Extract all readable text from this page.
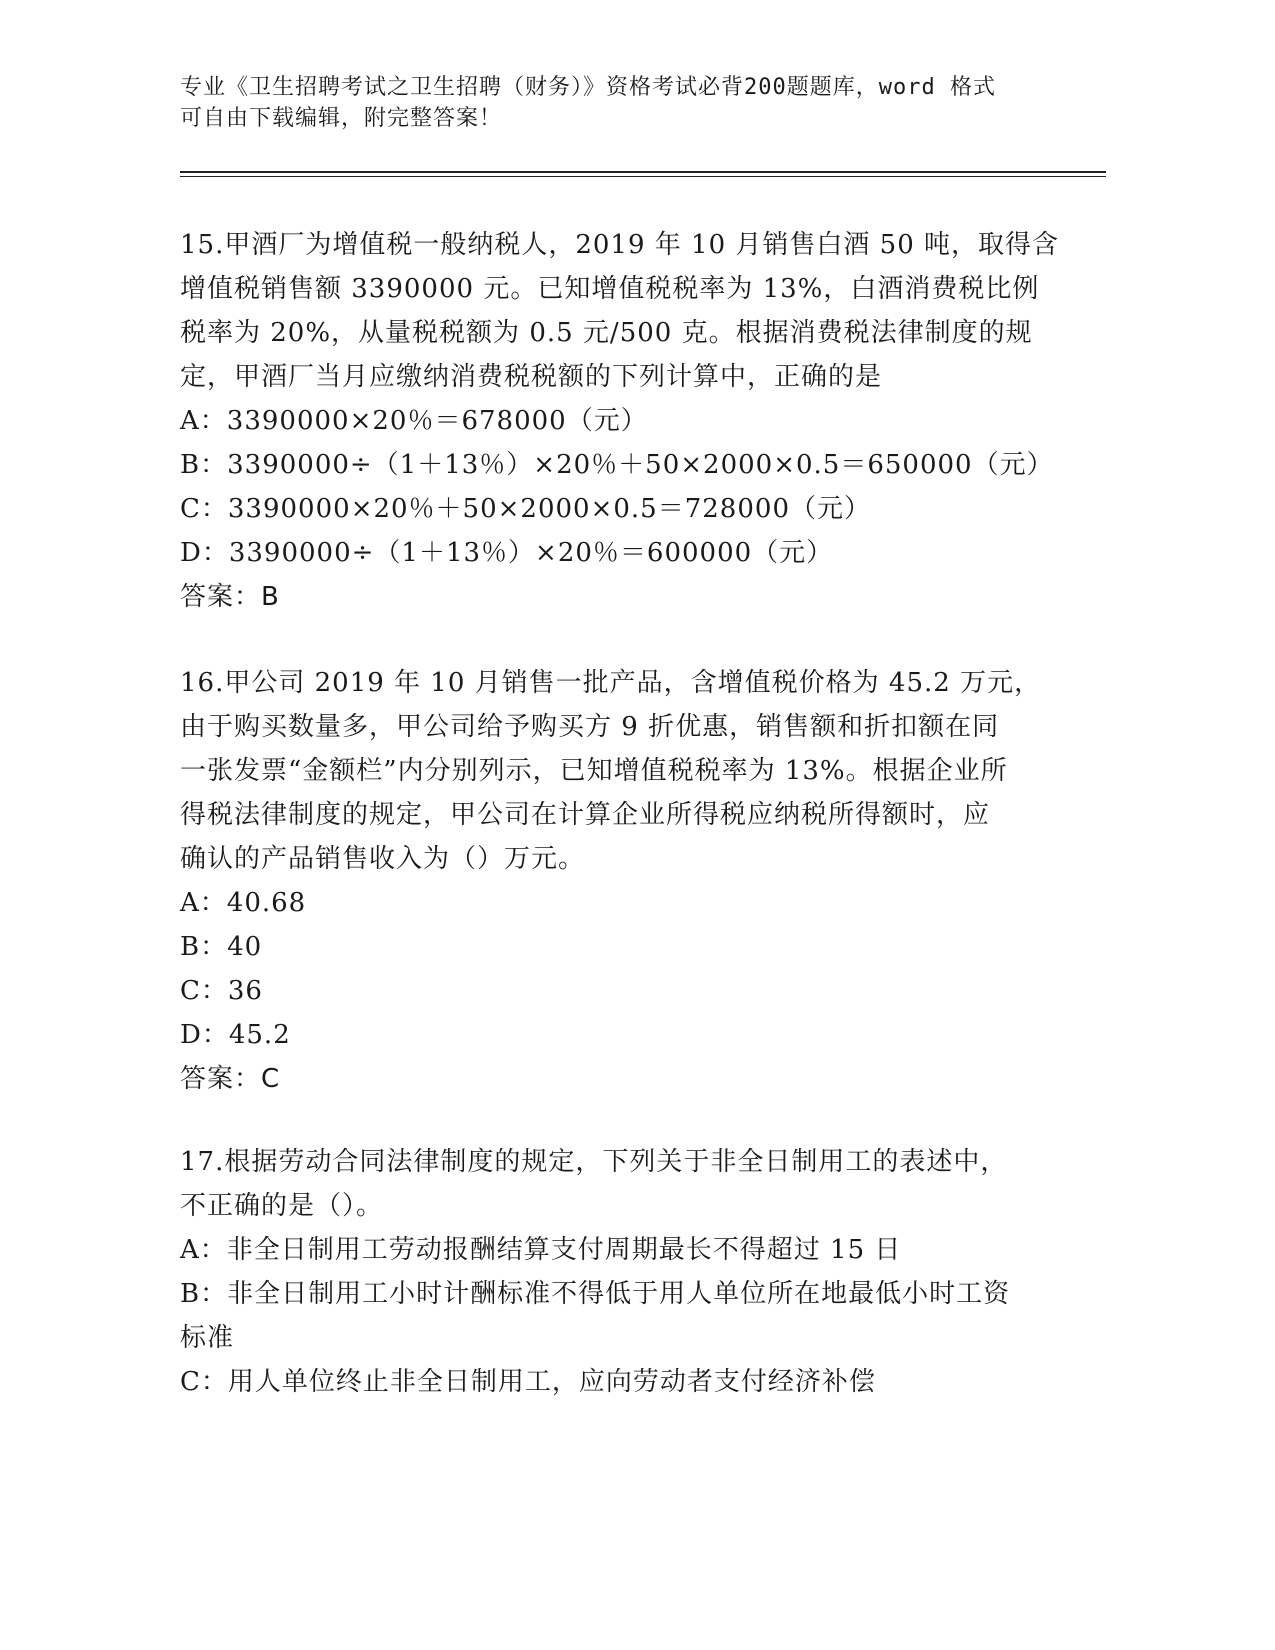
专业《卫生招聘考试之卫生招聘（财务）》资格考试必背200题题库，word 格式
可自由下载编辑，附完整答案！
15.甲酒厂为增值税一般纳税人，2019 年 10 月销售白酒 50 吨，取得含
增值税销售额 3390000 元。已知增值税税率为 13%，白酒消费税比例
税率为 20%，从量税税额为 0.5 元/500 克。根据消费税法律制度的规
定，甲酒厂当月应缴纳消费税税额的下列计算中，正确的是
A：3390000×20％＝678000（元）
B：3390000÷（1＋13％）×20％＋50×2000×0.5＝650000（元）
C：3390000×20％＋50×2000×0.5＝728000（元）
D：3390000÷（1＋13％）×20％＝600000（元）
答案：B
16.甲公司 2019 年 10 月销售一批产品，含增值税价格为 45.2 万元，
由于购买数量多，甲公司给予购买方 9 折优惠，销售额和折扣额在同
一张发票“金额栏”内分别列示，已知增值税税率为 13%。根据企业所
得税法律制度的规定，甲公司在计算企业所得税应纳税所得额时，应
确认的产品销售收入为（）万元。
A：40.68
B：40
C：36
D：45.2
答案：C
17.根据劳动合同法律制度的规定，下列关于非全日制用工的表述中，
不正确的是（）。
A：非全日制用工劳动报酬结算支付周期最长不得超过 15 日
B：非全日制用工小时计酬标准不得低于用人单位所在地最低小时工资
标准
C：用人单位终止非全日制用工，应向劳动者支付经济补偿
